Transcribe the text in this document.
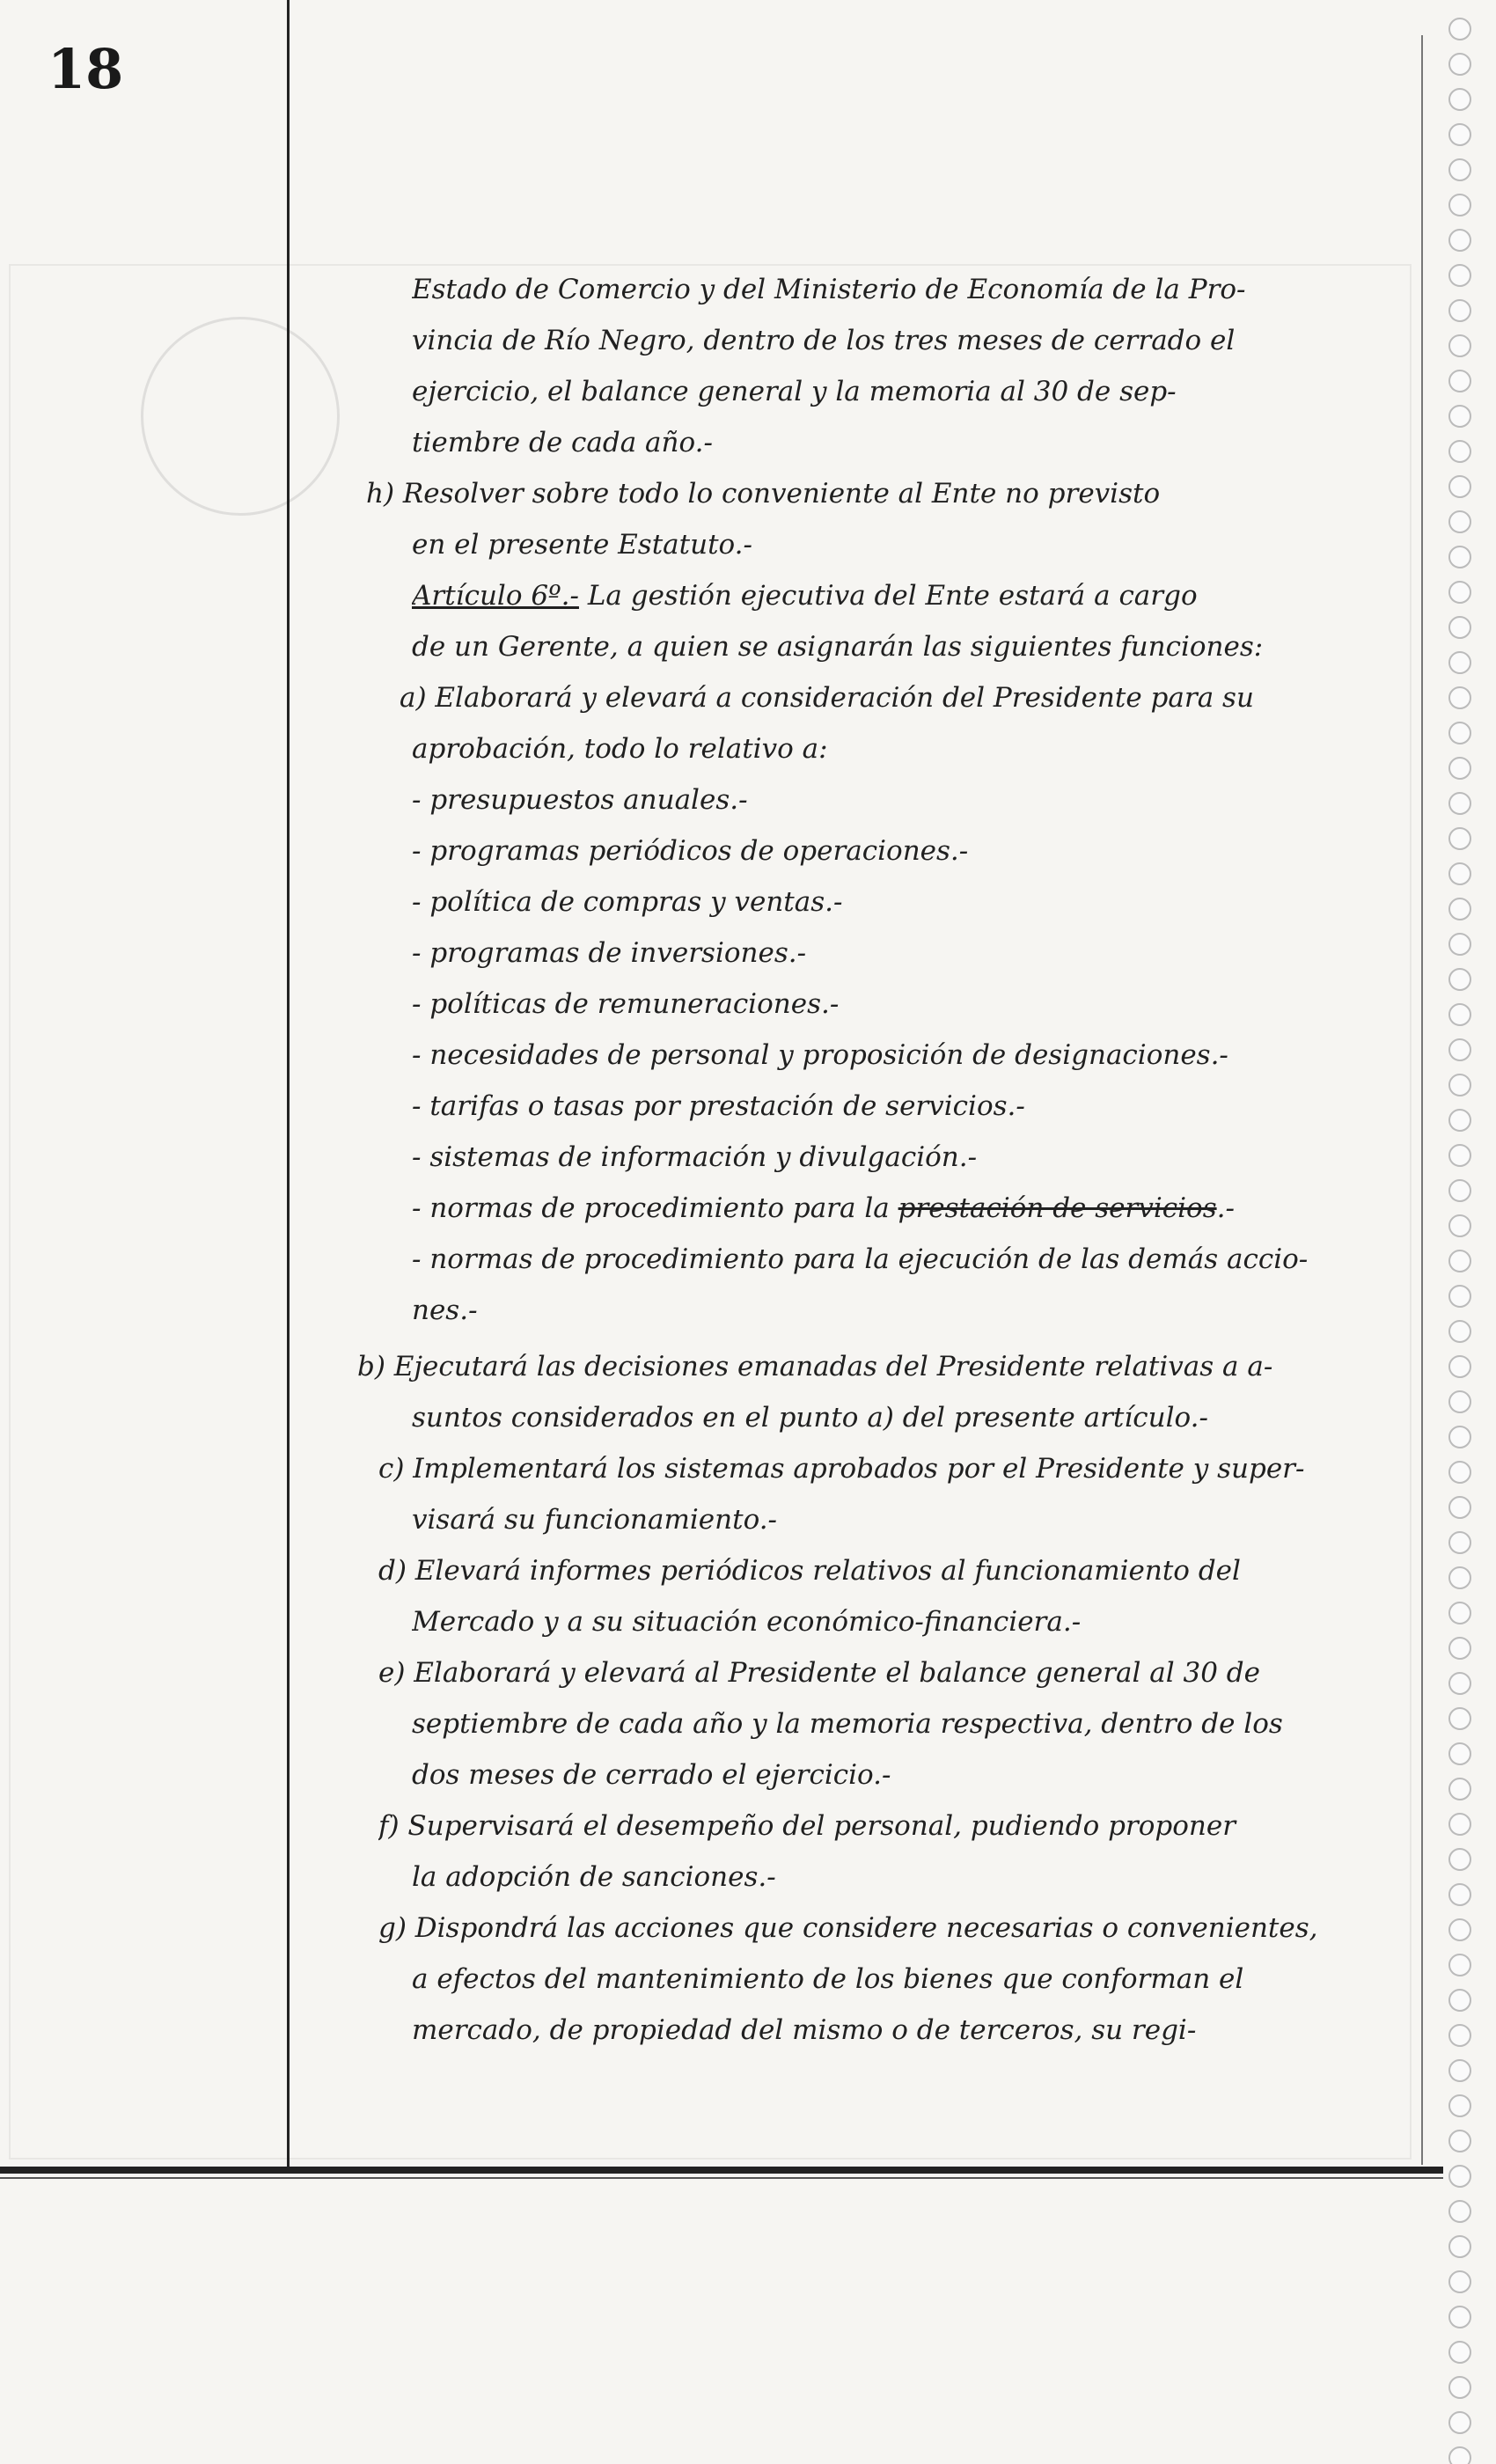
18
Estado de Comercio y del Ministerio de Economía de la Pro-
vincia de Río Negro, dentro de los tres meses de cerrado el
ejercicio, el balance general y la memoria al 30 de sep-
tiembre de cada año.-
h) Resolver sobre todo lo conveniente al Ente no previsto
en el presente Estatuto.-
Artículo 6º.- La gestión ejecutiva del Ente estará a cargo
de un Gerente, a quien se asignarán las siguientes funciones:
a) Elaborará y elevará a consideración del Presidente para su
aprobación, todo lo relativo a:
- presupuestos anuales.-
- programas periódicos de operaciones.-
- política de compras y ventas.-
- programas de inversiones.-
- políticas de remuneraciones.-
- necesidades de personal y proposición de designaciones.-
- tarifas o tasas por prestación de servicios.-
- sistemas de información y divulgación.-
- normas de procedimiento para la prestación de servicios.-
- normas de procedimiento para la ejecución de las demás accio-
nes.-
b) Ejecutará las decisiones emanadas del Presidente relativas a a-
suntos considerados en el punto a) del presente artículo.-
c) Implementará los sistemas aprobados por el Presidente y super-
visará su funcionamiento.-
d) Elevará informes periódicos relativos al funcionamiento del
Mercado y a su situación económico-financiera.-
e) Elaborará y elevará al Presidente el balance general al 30 de
septiembre de cada año y la memoria respectiva, dentro de los
dos meses de cerrado el ejercicio.-
f) Supervisará el desempeño del personal, pudiendo proponer
la adopción de sanciones.-
g) Dispondrá las acciones que considere necesarias o convenientes,
a efectos del mantenimiento de los bienes que conforman el
mercado, de propiedad del mismo o de terceros, su regi-
